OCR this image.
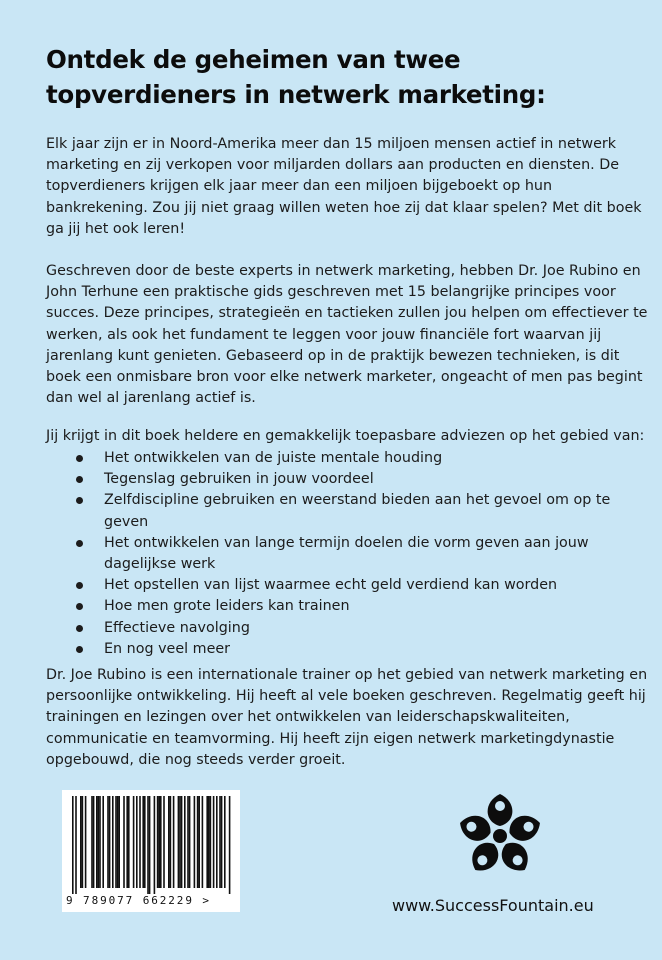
Ontdek de geheimen van twee topverdieners in netwerk marketing:

Elk jaar zijn er in Noord-Amerika meer dan 15 miljoen mensen actief in netwerk marketing en zij verkopen voor miljarden dollars aan producten en diensten. De topverdieners krijgen elk jaar meer dan een miljoen bijgeboekt op hun bankrekening. Zou jij niet graag willen weten hoe zij dat klaar spelen? Met dit boek ga jij het ook leren!

Geschreven door de beste experts in netwerk marketing, hebben Dr. Joe Rubino en John Terhune een praktische gids geschreven met 15 belangrijke principes voor succes. Deze principes, strategieën en tactieken zullen jou helpen om effectiever te werken, als ook het fundament te leggen voor jouw financiële fort waarvan jij jarenlang kunt genieten. Gebaseerd op in de praktijk bewezen technieken, is dit boek een onmisbare bron voor elke netwerk marketer, ongeacht of men pas begint dan wel al jarenlang actief is.

Jij krijgt in dit boek heldere en gemakkelijk toepasbare adviezen op het gebied van:

Het ontwikkelen van de juiste mentale houding
Tegenslag gebruiken in jouw voordeel
Zelfdiscipline gebruiken en weerstand bieden aan het gevoel om op te geven
Het ontwikkelen van lange termijn doelen die vorm geven aan jouw dagelijkse werk
Het opstellen van lijst waarmee echt geld verdiend kan worden
Hoe men grote leiders kan trainen
Effectieve navolging
En nog veel meer

Dr. Joe Rubino is een internationale trainer op het gebied van netwerk marketing en persoonlijke ontwikkeling. Hij heeft al vele boeken geschreven. Regelmatig geeft hij trainingen en lezingen over het ontwikkelen van leiderschapskwaliteiten, communicatie en teamvorming. Hij heeft zijn eigen netwerk marketingdynastie opgebouwd, die nog steeds verder groeit.

9 789077 662229 >	www.SuccessFountain.eu
